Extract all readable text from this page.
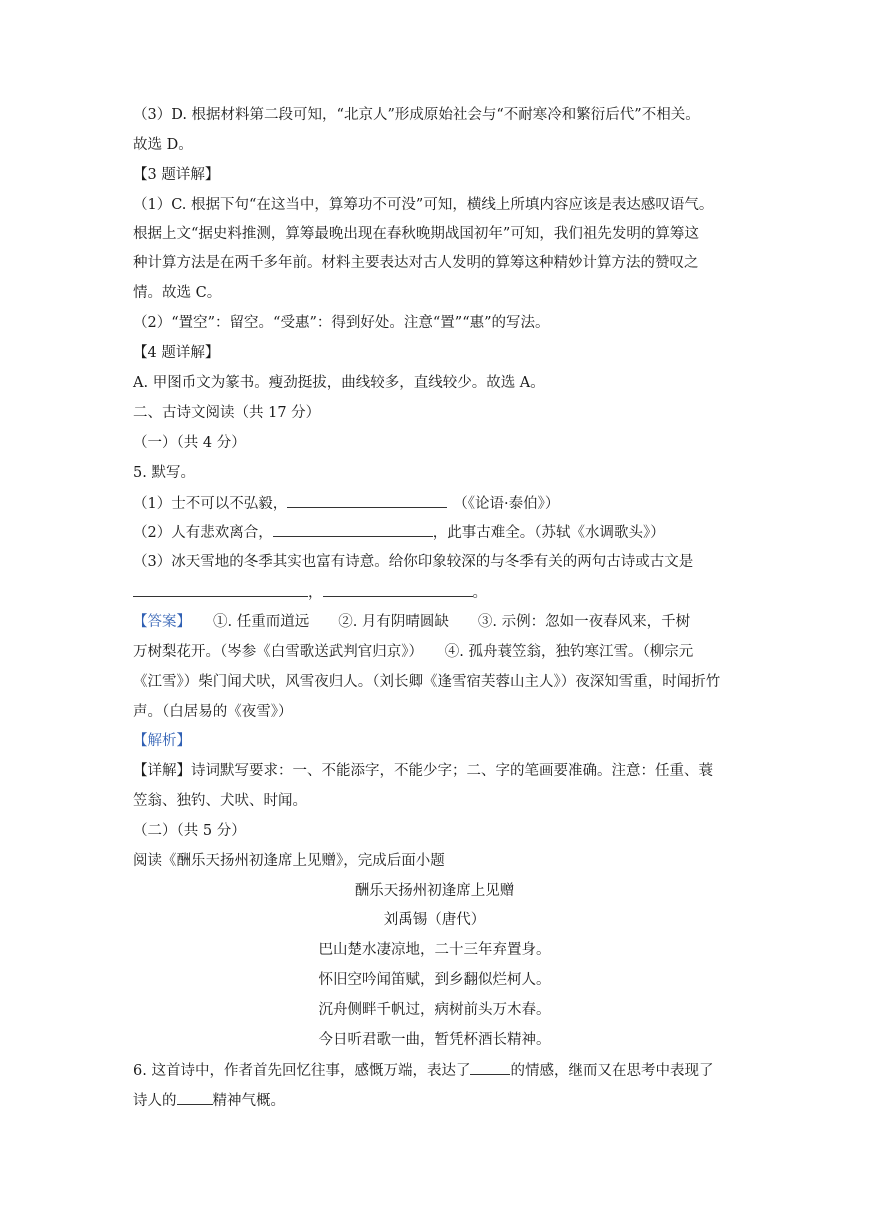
（3）D. 根据材料第二段可知，“北京人”形成原始社会与“不耐寒冷和繁衍后代”不相关。
故选 D。
【3 题详解】
（1）C. 根据下句“在这当中，算筹功不可没”可知，横线上所填内容应该是表达感叹语气。
根据上文“据史料推测，算筹最晚出现在春秋晚期战国初年”可知，我们祖先发明的算筹这
种计算方法是在两千多年前。材料主要表达对古人发明的算筹这种精妙计算方法的赞叹之
情。故选 C。
（2）“置空”：留空。“受惠”：得到好处。注意“置”“惠”的写法。
【4 题详解】
A. 甲图币文为篆书。瘦劲挺拔，曲线较多，直线较少。故选 A。
二、古诗文阅读（共 17 分）
（一）（共 4 分）
5. 默写。
（1）士不可以不弘毅，	（《论语·泰伯》）
（2）人有悲欢离合，	，此事古难全。（苏轼《水调歌头》）
（3）冰天雪地的冬季其实也富有诗意。给你印象较深的与冬季有关的两句古诗或古文是
，	。
【答案】 ①. 任重而道远　　②. 月有阴晴圆缺　　③. 示例：忽如一夜春风来，千树
万树梨花开。（岑参《白雪歌送武判官归京》）　　④. 孤舟蓑笠翁，独钓寒江雪。（柳宗元
《江雪》）柴门闻犬吠，风雪夜归人。（刘长卿《逢雪宿芙蓉山主人》）夜深知雪重，时闻折竹
声。（白居易的《夜雪》）
【解析】
【详解】诗词默写要求：一、不能添字，不能少字；二、字的笔画要准确。注意：任重、蓑
笠翁、独钓、犬吠、时闻。
（二）（共 5 分）
阅读《酬乐天扬州初逢席上见赠》，完成后面小题
酬乐天扬州初逢席上见赠
刘禹锡（唐代）
巴山楚水凄凉地，二十三年弃置身。
怀旧空吟闻笛赋，到乡翻似烂柯人。
沉舟侧畔千帆过，病树前头万木春。
今日听君歌一曲，暂凭杯酒长精神。
6. 这首诗中，作者首先回忆往事，感慨万端，表达了	的情感，继而又在思考中表现了
诗人的 精神气概。
